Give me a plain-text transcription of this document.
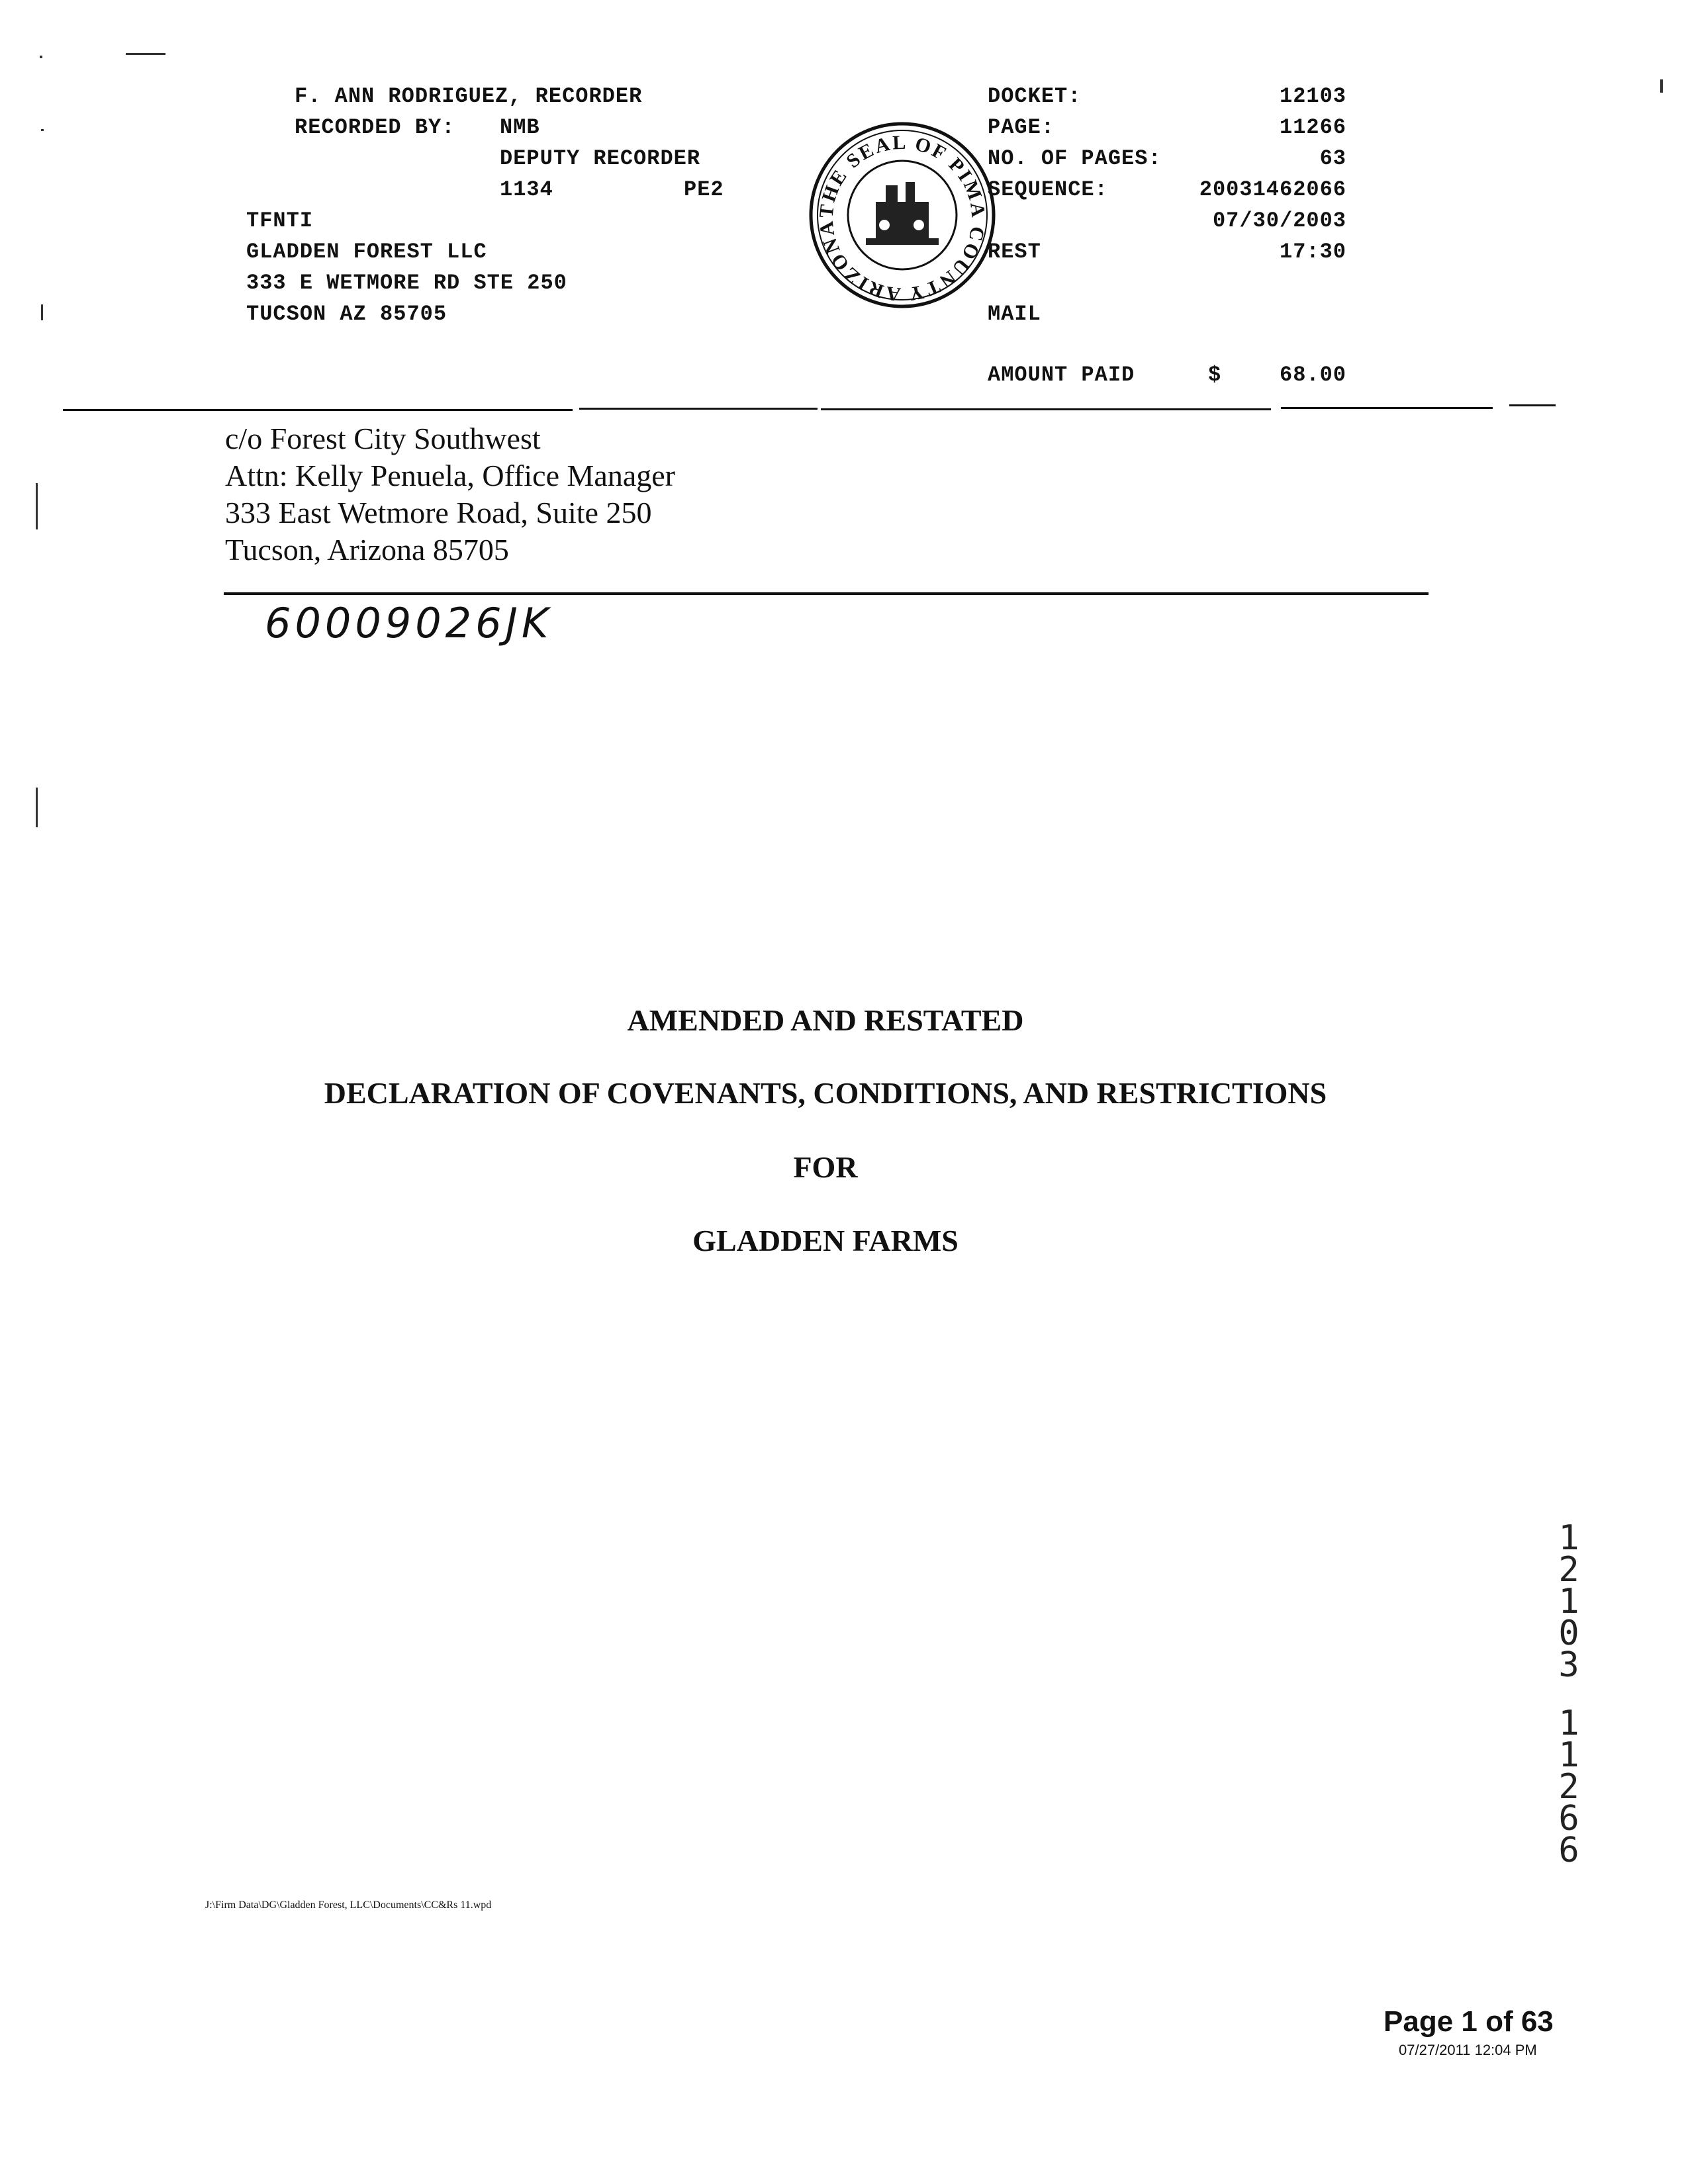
F. ANN RODRIGUEZ, RECORDER
RECORDED BY: NMB
DEPUTY RECORDER
1134	PE2
TFNTI
GLADDEN FOREST LLC
333 E WETMORE RD STE 250
TUCSON AZ 85705
THE SEAL OF PIMA COUNTY ARIZONA
DOCKET:	12103
PAGE:	11266
NO. OF PAGES:	63
SEQUENCE:	20031462066
07/30/2003
REST	17:30
MAIL
AMOUNT PAID	$	68.00
c/o Forest City Southwest
Attn: Kelly Penuela, Office Manager
333 East Wetmore Road, Suite 250
Tucson, Arizona 85705
60009026JK
AMENDED AND RESTATED
DECLARATION OF COVENANTS, CONDITIONS, AND RESTRICTIONS
FOR
GLADDEN FARMS
1
2
1
0
3
1
1
2
6
6
J:\Firm Data\DG\Gladden Forest, LLC\Documents\CC&Rs 11.wpd
Page 1 of 63
07/27/2011 12:04 PM
